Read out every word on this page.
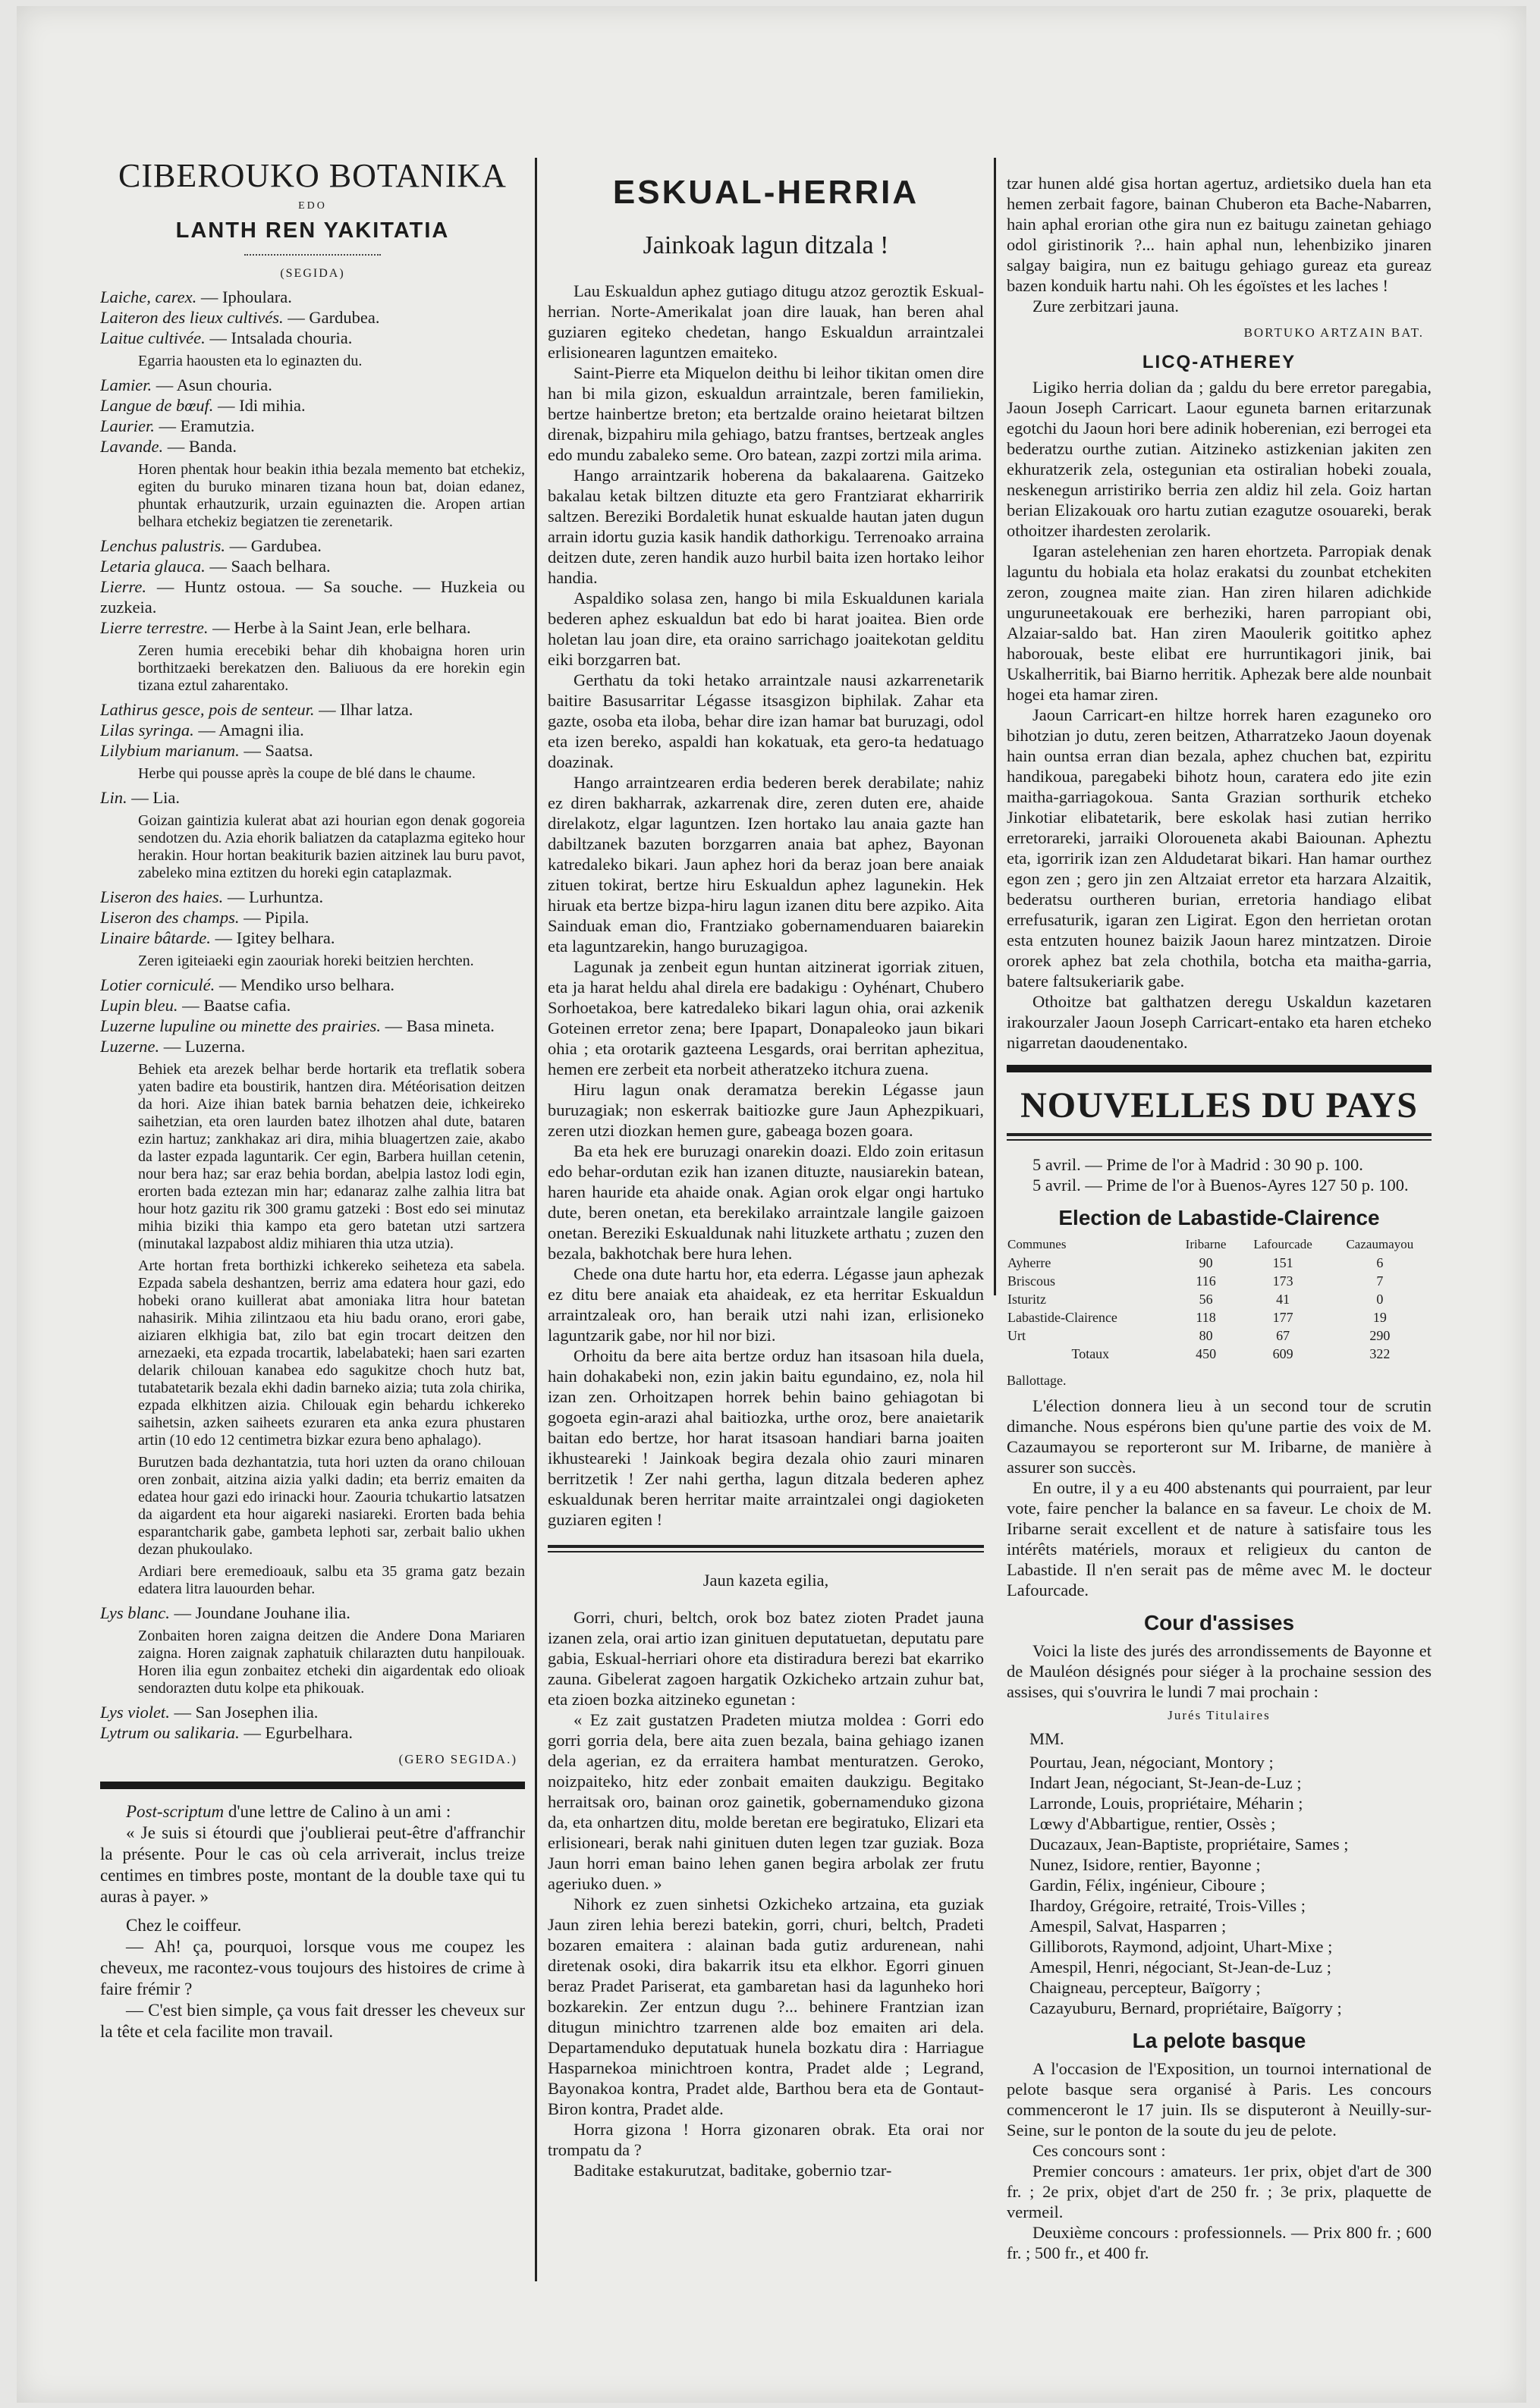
CIBEROUKO BOTANIKA
EDO
LANTH REN YAKITATIA
(SEGIDA)

Laiche, carex. — Iphoulara.

Laiteron des lieux cultivés. — Gardubea.

Laitue cultivée. — Intsalada chouria.

Egarria haousten eta lo eginazten du.

Lamier. — Asun chouria.

Langue de bœuf. — Idi mihia.

Laurier. — Eramutzia.

Lavande. — Banda.

Horen phentak hour beakin ithia bezala memento bat etchekiz, egiten du buruko minaren tizana houn bat, doian edanez, phuntak erhautzurik, urzain eguinazten die. Aropen artian belhara etchekiz begiatzen tie zerenetarik.

Lenchus palustris. — Gardubea.

Letaria glauca. — Saach belhara.

Lierre. — Huntz ostoua. — Sa souche. — Huzkeia ou zuzkeia.

Lierre terrestre. — Herbe à la Saint Jean, erle belhara.

Zeren humia erecebiki behar dih khobaigna horen urin borthitzaeki berekatzen den. Baliuous da ere horekin egin tizana eztul zaharentako.

Lathirus gesce, pois de senteur. — Ilhar latza.

Lilas syringa. — Amagni ilia.

Lilybium marianum. — Saatsa.

Herbe qui pousse après la coupe de blé dans le chaume.

Lin. — Lia.

Goizan gaintizia kulerat abat azi hourian egon denak gogoreia sendotzen du. Azia ehorik baliatzen da cataplazma egiteko hour herakin. Hour hortan beakiturik bazien aitzinek lau buru pavot, zabeleko mina eztitzen du horeki egin cataplazmak.

Liseron des haies. — Lurhuntza.

Liseron des champs. — Pipila.

Linaire bâtarde. — Igitey belhara.

Zeren igiteiaeki egin zaouriak horeki beitzien herchten.

Lotier corniculé. — Mendiko urso belhara.

Lupin bleu. — Baatse cafia.

Luzerne lupuline ou minette des prairies. — Basa mineta.

Luzerne. — Luzerna.

Behiek eta arezek belhar berde hortarik eta treflatik sobera yaten badire eta boustirik, hantzen dira. Météorisation deitzen da hori. Aize ihian batek barnia behatzen deie, ichkeireko saihetzian, eta oren laurden batez ilhotzen ahal dute, bataren ezin hartuz; zankhakaz ari dira, mihia bluagertzen zaie, akabo da laster ezpada laguntarik. Cer egin, Barbera huillan cetenin, nour bera haz; sar eraz behia bordan, abelpia lastoz lodi egin, erorten bada eztezan min har; edanaraz zalhe zalhia litra bat hour hotz gazitu rik 300 gramu gatzeki : Bost edo sei minutaz mihia biziki thia kampo eta gero batetan utzi sartzera (minutakal lazpabost aldiz mihiaren thia utza utzia).

Arte hortan freta borthizki ichkereko seiheteza eta sabela. Ezpada sabela deshantzen, berriz ama edatera hour gazi, edo hobeki orano kuillerat abat amoniaka litra hour batetan nahasirik. Mihia zilintzaou eta hiu badu orano, erori gabe, aiziaren elkhigia bat, zilo bat egin trocart deitzen den arnezaeki, eta ezpada trocartik, labelabateki; haen sari ezarten delarik chilouan kanabea edo sagukitze choch hutz bat, tutabatetarik bezala ekhi dadin barneko aizia; tuta zola chirika, ezpada elkhitzen aizia. Chilouak egin behardu ichkereko saihetsin, azken saiheets ezuraren eta anka ezura phustaren artin (10 edo 12 centimetra bizkar ezura beno aphalago).

Burutzen bada dezhantatzia, tuta hori uzten da orano chilouan oren zonbait, aitzina aizia yalki dadin; eta berriz emaiten da edatea hour gazi edo irinacki hour. Zaouria tchukartio latsatzen da aigardent eta hour aigareki nasiareki. Erorten bada behia esparantcharik gabe, gambeta lephoti sar, zerbait balio ukhen dezan phukoulako.

Ardiari bere eremedioauk, salbu eta 35 grama gatz bezain edatera litra lauourden behar.

Lys blanc. — Joundane Jouhane ilia.

Zonbaiten horen zaigna deitzen die Andere Dona Mariaren zaigna. Horen zaignak zaphatuik chilarazten dutu hanpilouak. Horen ilia egun zonbaitez etcheki din aigardentak edo olioak sendorazten dutu kolpe eta phikouak.

Lys violet. — San Josephen ilia.

Lytrum ou salikaria. — Egurbelhara.

(GERO SEGIDA.)

Post-scriptum d'une lettre de Calino à un ami :

« Je suis si étourdi que j'oublierai peut-être d'affranchir la présente. Pour le cas où cela arriverait, inclus treize centimes en timbres poste, montant de la double taxe qui tu auras à payer. »

Chez le coiffeur.

— Ah! ça, pourquoi, lorsque vous me coupez les cheveux, me racontez-vous toujours des histoires de crime à faire frémir ?

— C'est bien simple, ça vous fait dresser les cheveux sur la tête et cela facilite mon travail.

ESKUAL-HERRIA
Jainkoak lagun ditzala !

Lau Eskualdun aphez gutiago ditugu atzoz geroztik Eskual-herrian. Norte-Amerikalat joan dire lauak, han beren ahal guziaren egiteko chedetan, hango Eskualdun arraintzalei erlisionearen laguntzen emaiteko.

Saint-Pierre eta Miquelon deithu bi leihor tikitan omen dire han bi mila gizon, eskualdun arraintzale, beren familiekin, bertze hainbertze breton; eta bertzalde oraino heietarat biltzen direnak, bizpahiru mila gehiago, batzu frantses, bertzeak angles edo mundu zabaleko seme. Oro batean, zazpi zortzi mila arima.

Hango arraintzarik hoberena da bakalaarena. Gaitzeko bakalau ketak biltzen dituzte eta gero Frantziarat ekharririk saltzen. Bereziki Bordaletik hunat eskualde hautan jaten dugun arrain idortu guzia kasik handik dathorkigu. Terrenoako arraina deitzen dute, zeren handik auzo hurbil baita izen hortako leihor handia.

Aspaldiko solasa zen, hango bi mila Eskualdunen kariala bederen aphez eskualdun bat edo bi harat joaitea. Bien orde holetan lau joan dire, eta oraino sarrichago joaitekotan gelditu eiki borzgarren bat.

Gerthatu da toki hetako arraintzale nausi azkarrenetarik baitire Basusarritar Légasse itsasgizon biphilak. Zahar eta gazte, osoba eta iloba, behar dire izan hamar bat buruzagi, odol eta izen bereko, aspaldi han kokatuak, eta gero-ta hedatuago doazinak.

Hango arraintzearen erdia bederen berek derabilate; nahiz ez diren bakharrak, azkarrenak dire, zeren duten ere, ahaide direlakotz, elgar laguntzen. Izen hortako lau anaia gazte han dabiltzanek bazuten borzgarren anaia bat aphez, Bayonan katredaleko bikari. Jaun aphez hori da beraz joan bere anaiak zituen tokirat, bertze hiru Eskualdun aphez lagunekin. Hek hiruak eta bertze bizpa-hiru lagun izanen ditu bere azpiko. Aita Sainduak eman dio, Frantziako gobernamenduaren baiarekin eta laguntzarekin, hango buruzagigoa.

Lagunak ja zenbeit egun huntan aitzinerat igorriak zituen, eta ja harat heldu ahal direla ere badakigu : Oyhénart, Chubero Sorhoetakoa, bere katredaleko bikari lagun ohia, orai azkenik Goteinen erretor zena; bere Ipapart, Donapaleoko jaun bikari ohia ; eta orotarik gazteena Lesgards, orai berritan aphezitua, hemen ere zerbeit eta norbeit atheratzeko itchura zuena.

Hiru lagun onak deramatza berekin Légasse jaun buruzagiak; non eskerrak baitiozke gure Jaun Aphezpikuari, zeren utzi diozkan hemen gure, gabeaga bozen goara.

Ba eta hek ere buruzagi onarekin doazi. Eldo zoin eritasun edo behar-ordutan ezik han izanen dituzte, nausiarekin batean, haren hauride eta ahaide onak. Agian orok elgar ongi hartuko dute, beren onetan, eta berekilako arraintzale langile gaizoen onetan. Bereziki Eskualdunak nahi lituzkete arthatu ; zuzen den bezala, bakhotchak bere hura lehen.

Chede ona dute hartu hor, eta ederra. Légasse jaun aphezak ez ditu bere anaiak eta ahaideak, ez eta herritar Eskualdun arraintzaleak oro, han beraik utzi nahi izan, erlisioneko laguntzarik gabe, nor hil nor bizi.

Orhoitu da bere aita bertze orduz han itsasoan hila duela, hain dohakabeki non, ezin jakin baitu egundaino, ez, nola hil izan zen. Orhoitzapen horrek behin baino gehiagotan bi gogoeta egin-arazi ahal baitiozka, urthe oroz, bere anaietarik baitan edo bertze, hor harat itsasoan handiari barna joaiten ikhusteareki ! Jainkoak begira dezala ohio zauri minaren berritzetik ! Zer nahi gertha, lagun ditzala bederen aphez eskualdunak beren herritar maite arraintzalei ongi dagioketen guziaren egiten !

Jaun kazeta egilia,

Gorri, churi, beltch, orok boz batez zioten Pradet jauna izanen zela, orai artio izan ginituen deputatuetan, deputatu pare gabia, Eskual-herriari ohore eta distiradura berezi bat ekarriko zauna. Gibelerat zagoen hargatik Ozkicheko artzain zuhur bat, eta zioen bozka aitzineko egunetan :

« Ez zait gustatzen Pradeten miutza moldea : Gorri edo gorri gorria dela, bere aita zuen bezala, baina gehiago izanen dela agerian, ez da erraitera hambat menturatzen. Geroko, noizpaiteko, hitz eder zonbait emaiten daukzigu. Begitako herraitsak oro, bainan oroz gainetik, gobernamenduko gizona da, eta onhartzen ditu, molde beretan ere begiratuko, Elizari eta erlisioneari, berak nahi ginituen duten legen tzar guziak. Boza Jaun horri eman baino lehen ganen begira arbolak zer frutu ageriuko duen. »

Nihork ez zuen sinhetsi Ozkicheko artzaina, eta guziak Jaun ziren lehia berezi batekin, gorri, churi, beltch, Pradeti bozaren emaitera : alainan bada gutiz ardurenean, nahi diretenak osoki, dira bakarrik itsu eta elkhor. Egorri ginuen beraz Pradet Pariserat, eta gambaretan hasi da lagunheko hori bozkarekin. Zer entzun dugu ?... behinere Frantzian izan ditugun minichtro tzarrenen alde boz emaiten ari dela. Departamenduko deputatuak hunela bozkatu dira : Harriague Hasparnekoa minichtroen kontra, Pradet alde ; Legrand, Bayonakoa kontra, Pradet alde, Barthou bera eta de Gontaut-Biron kontra, Pradet alde.

Horra gizona ! Horra gizonaren obrak. Eta orai nor trompatu da ?

Baditake estakurutzat, baditake, gobernio tzar-

tzar hunen aldé gisa hortan agertuz, ardietsiko duela han eta hemen zerbait fagore, bainan Chuberon eta Bache-Nabarren, hain aphal erorian othe gira nun ez baitugu zainetan gehiago odol giristinorik ?... hain aphal nun, lehenbiziko jinaren salgay baigira, nun ez baitugu gehiago gureaz eta gureaz bazen konduik hartu nahi. Oh les égoïstes et les laches !

Zure zerbitzari jauna.

BORTUKO ARTZAIN BAT.
LICQ-ATHEREY

Ligiko herria dolian da ; galdu du bere erretor paregabia, Jaoun Joseph Carricart. Laour eguneta barnen eritarzunak egotchi du Jaoun hori bere adinik hoberenian, ezi berrogei eta bederatzu ourthe zutian. Aitzineko astizkenian jakiten zen ekhuratzerik zela, ostegunian eta ostiralian hobeki zouala, neskenegun arristiriko berria zen aldiz hil zela. Goiz hartan berian Elizakouak oro hartu zutian ezagutze osouareki, berak othoitzer ihardesten zerolarik.

Igaran astelehenian zen haren ehortzeta. Parropiak denak laguntu du hobiala eta holaz erakatsi du zounbat etchekiten zeron, zougnea maite zian. Han ziren hilaren adichkide unguruneetakouak ere berheziki, haren parropiant obi, Alzaiar-saldo bat. Han ziren Maoulerik goititko aphez haborouak, beste elibat ere hurruntikagori jinik, bai Uskalherritik, bai Biarno herritik. Aphezak bere alde nounbait hogei eta hamar ziren.

Jaoun Carricart-en hiltze horrek haren ezaguneko oro bihotzian jo dutu, zeren beitzen, Atharratzeko Jaoun doyenak hain ountsa erran dian bezala, aphez chuchen bat, ezpiritu handikoua, paregabeki bihotz houn, caratera edo jite ezin maitha-garriagokoua. Santa Grazian sorthurik etcheko Jinkotiar elibatetarik, bere eskolak hasi zutian herriko erretorareki, jarraiki Oloroueneta akabi Baiounan. Apheztu eta, igorririk izan zen Aldudetarat bikari. Han hamar ourthez egon zen ; gero jin zen Altzaiat erretor eta harzara Alzaitik, bederatsu ourtheren burian, erretoria handiago elibat errefusaturik, igaran zen Ligirat. Egon den herrietan orotan esta entzuten hounez baizik Jaoun harez mintzatzen. Diroie ororek aphez bat zela chothila, botcha eta maitha-garria, batere faltsukeriarik gabe.

Othoitze bat galthatzen deregu Uskaldun kazetaren irakourzaler Jaoun Joseph Carricart-entako eta haren etcheko nigarretan daoudenentako.

NOUVELLES DU PAYS

5 avril. — Prime de l'or à Madrid : 30 90 p. 100.

5 avril. — Prime de l'or à Buenos-Ayres 127 50 p. 100.

Election de Labastide-Clairence
Communes	Iribarne	Lafourcade	Cazaumayou
Ayherre	90	151	6
Briscous	116	173	7
Isturitz	56	41	0
Labastide-Clairence	118	177	19
Urt	80	67	290
Totaux	450	609	322

Ballottage.

L'élection donnera lieu à un second tour de scrutin dimanche. Nous espérons bien qu'une partie des voix de M. Cazaumayou se reporteront sur M. Iribarne, de manière à assurer son succès.

En outre, il y a eu 400 abstenants qui pourraient, par leur vote, faire pencher la balance en sa faveur. Le choix de M. Iribarne serait excellent et de nature à satisfaire tous les intérêts matériels, moraux et religieux du canton de Labastide. Il n'en serait pas de même avec M. le docteur Lafourcade.

Cour d'assises

Voici la liste des jurés des arrondissements de Bayonne et de Mauléon désignés pour siéger à la prochaine session des assises, qui s'ouvrira le lundi 7 mai prochain :

Jurés Titulaires
MM.
Pourtau, Jean, négociant, Montory ;
Indart Jean, négociant, St-Jean-de-Luz ;
Larronde, Louis, propriétaire, Méharin ;
Lœwy d'Abbartigue, rentier, Ossès ;
Ducazaux, Jean-Baptiste, propriétaire, Sames ;
Nunez, Isidore, rentier, Bayonne ;
Gardin, Félix, ingénieur, Ciboure ;
Ihardoy, Grégoire, retraité, Trois-Villes ;
Amespil, Salvat, Hasparren ;
Gilliborots, Raymond, adjoint, Uhart-Mixe ;
Amespil, Henri, négociant, St-Jean-de-Luz ;
Chaigneau, percepteur, Baïgorry ;
Cazayuburu, Bernard, propriétaire, Baïgorry ;
La pelote basque

A l'occasion de l'Exposition, un tournoi international de pelote basque sera organisé à Paris. Les concours commenceront le 17 juin. Ils se disputeront à Neuilly-sur-Seine, sur le ponton de la soute du jeu de pelote.

Ces concours sont :

Premier concours : amateurs. 1er prix, objet d'art de 300 fr. ; 2e prix, objet d'art de 250 fr. ; 3e prix, plaquette de vermeil.

Deuxième concours : professionnels. — Prix 800 fr. ; 600 fr. ; 500 fr., et 400 fr.
